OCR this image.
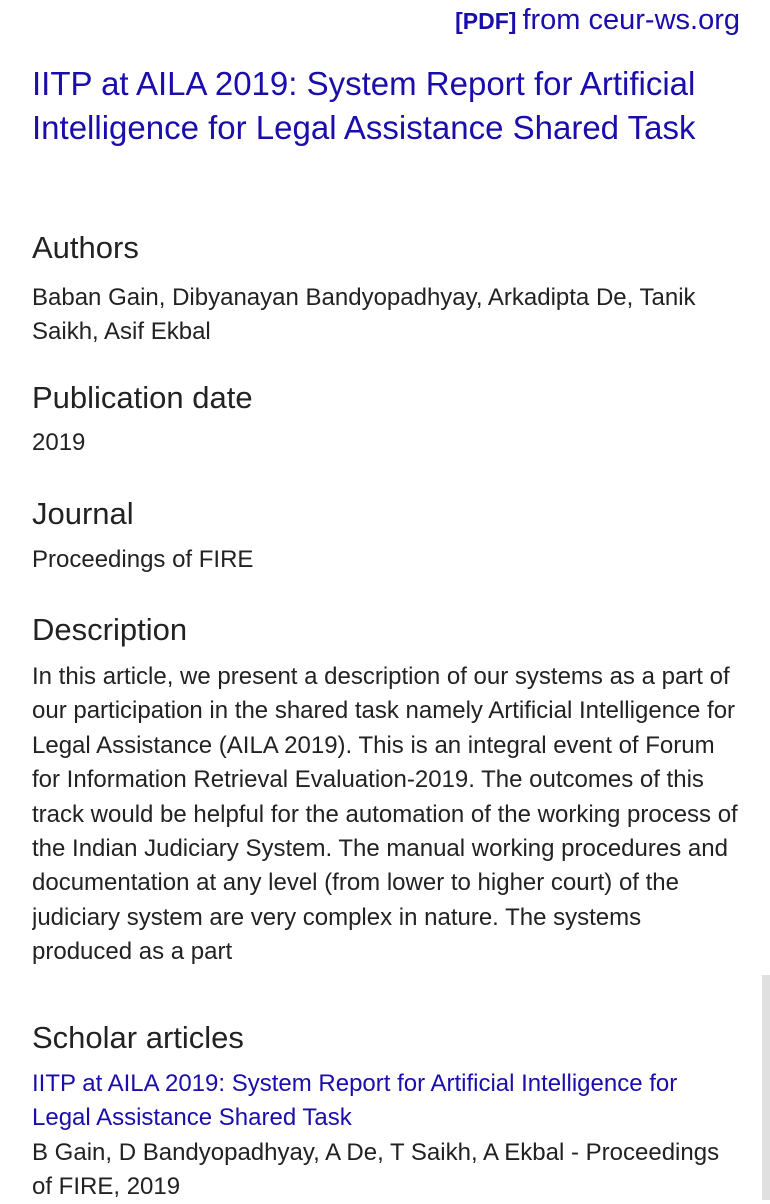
[PDF] from ceur-ws.org
IITP at AILA 2019: System Report for Artificial Intelligence for Legal Assistance Shared Task
Authors

Baban Gain, Dibyanayan Bandyopadhyay, Arkadipta De, Tanik Saikh, Asif Ekbal

Publication date

2019

Journal

Proceedings of FIRE

Description

In this article, we present a description of our systems as a part of our participation in the shared task namely Artificial Intelligence for Legal Assistance (AILA 2019). This is an integral event of Forum for Information Retrieval Evaluation-2019. The outcomes of this track would be helpful for the automation of the working process of the Indian Judiciary System. The manual working procedures and documentation at any level (from lower to higher court) of the judiciary system are very complex in nature. The systems produced as a part

Scholar articles
IITP at AILA 2019: System Report for Artificial Intelligence for Legal Assistance Shared Task

B Gain, D Bandyopadhyay, A De, T Saikh, A Ekbal - Proceedings of FIRE, 2019
